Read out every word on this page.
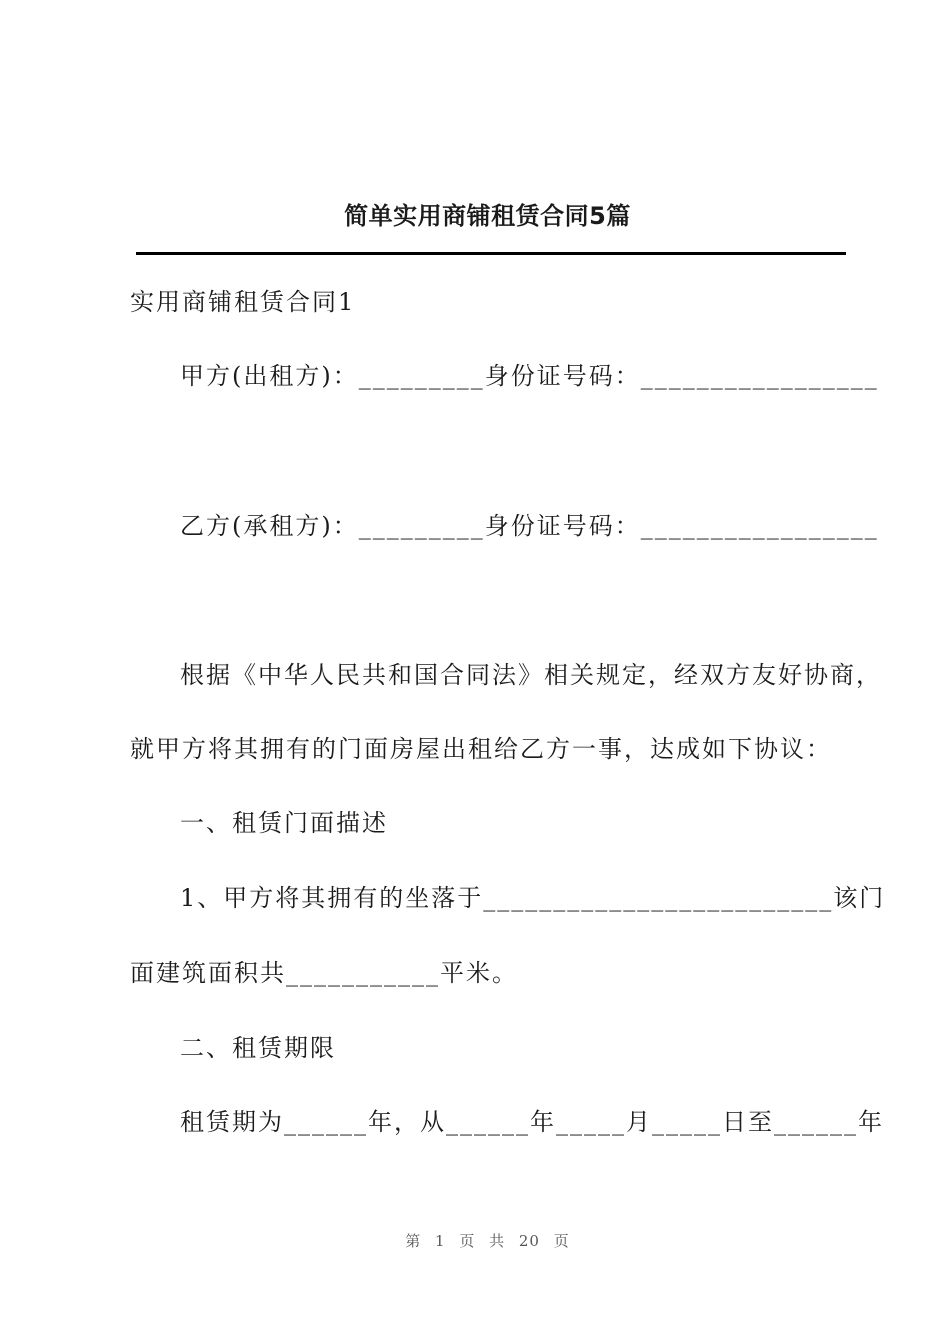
简单实用商铺租赁合同5篇
实用商铺租赁合同1
甲方(出租方)：_________身份证号码：_________________
乙方(承租方)：_________身份证号码：_________________
根据《中华人民共和国合同法》相关规定，经双方友好协商，
就甲方将其拥有的门面房屋出租给乙方一事，达成如下协议：
一、租赁门面描述
1、甲方将其拥有的坐落于_________________________该门
面建筑面积共___________平米。
二、租赁期限
租赁期为______年，从______年_____月_____日至______年
第 1 页 共 20 页
